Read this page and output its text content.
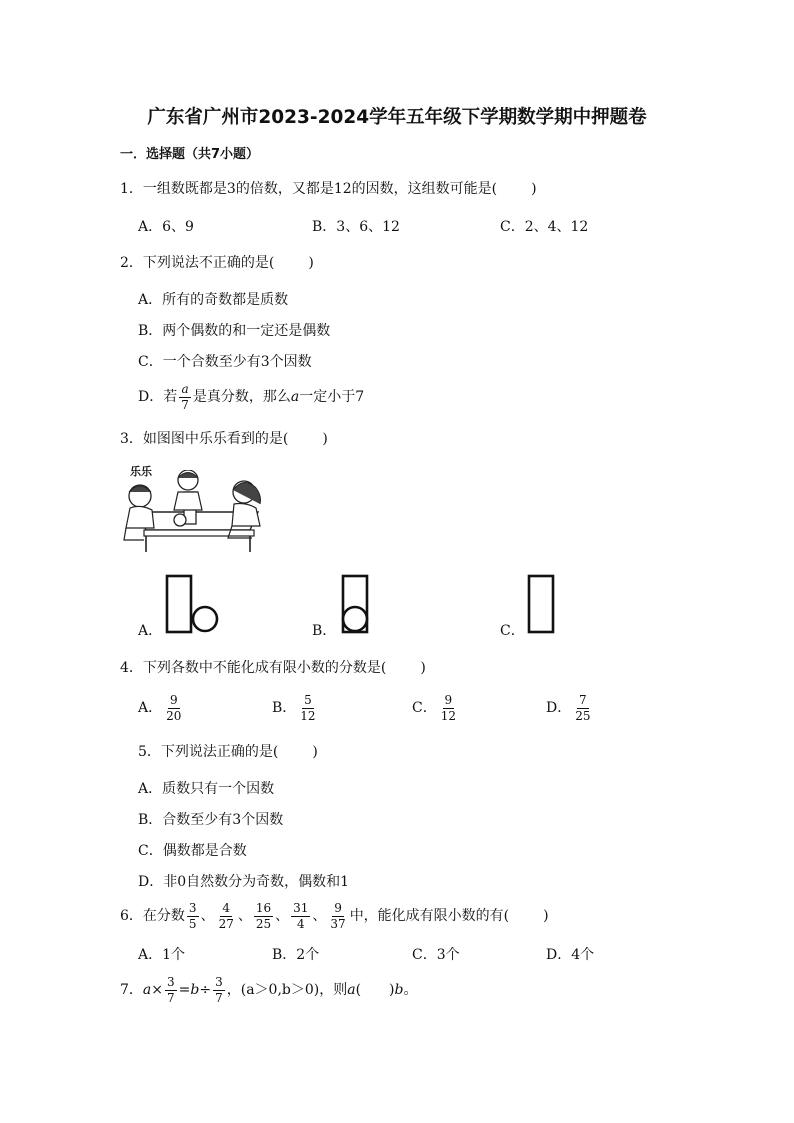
广东省广州市2023-2024学年五年级下学期数学期中押题卷
一．选择题（共7小题）
1．一组数既都是3的倍数，又都是12的因数，这组数可能是( )
A．6、9	B．3、6、12	C．2、4、12
2．下列说法不正确的是( )
A．所有的奇数都是质数
B．两个偶数的和一定还是偶数
C．一个合数至少有3个因数
D．若 $\frac{a}{7}$ 是真分数，那么a一定小于7
3．如图图中乐乐看到的是( )
乐乐
A．	B．	C．
4．下列各数中不能化成有限小数的分数是( )
A． $\frac{9}{20}$	B． $\frac{5}{12}$	C． $\frac{9}{12}$	D． $\frac{7}{25}$
5．下列说法正确的是( )
A．质数只有一个因数
B．合数至少有3个因数
C．偶数都是合数
D．非0自然数分为奇数，偶数和1
6．在分数 $\frac{3}{5}$ 、 $\frac{4}{27}$ 、 $\frac{16}{25}$ 、 $\frac{31}{4}$ 、 $\frac{9}{37}$ 中，能化成有限小数的有( )
A．1个	B．2个	C．3个	D．4个
7．$a\times \frac{3}{7} =b\div \frac{3}{7}$ ，(a＞0,b＞0)，则a(　　)b。
